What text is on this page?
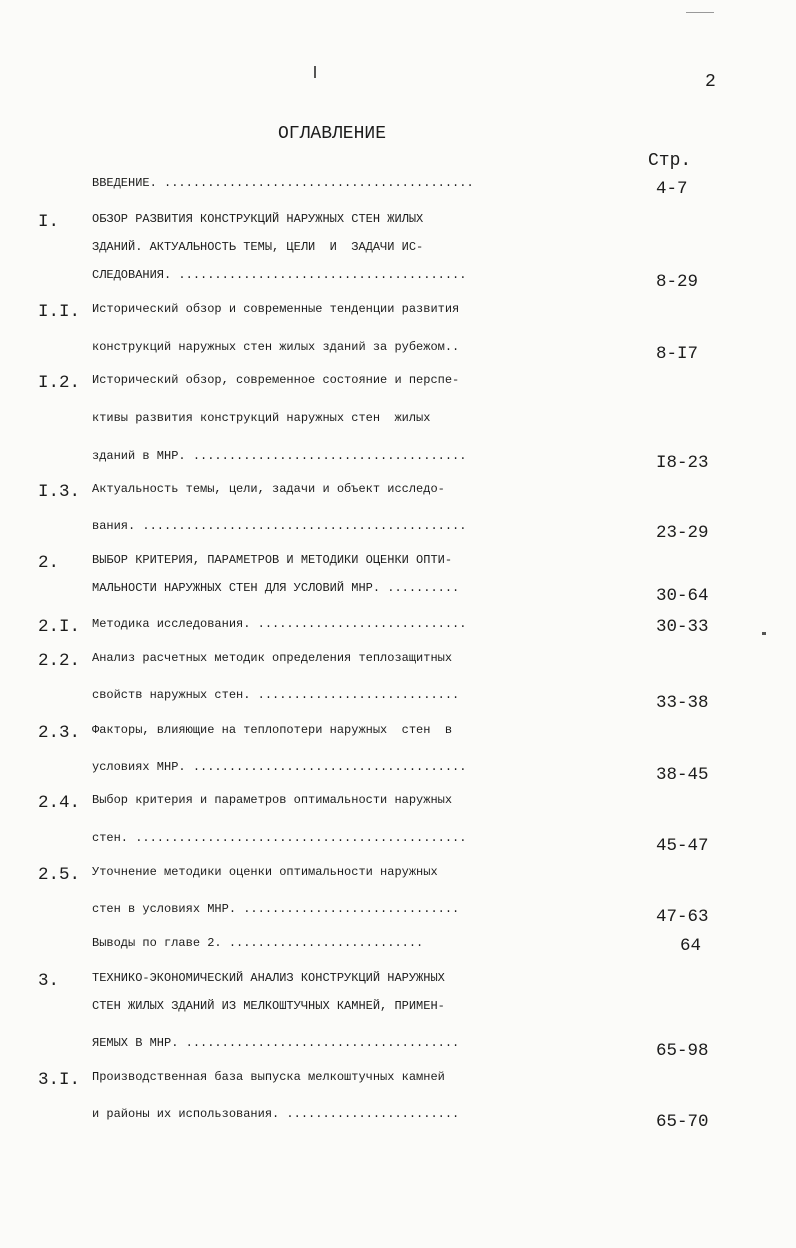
2
ОГЛАВЛЕНИЕ
Стр.
ВВЕДЕНИЕ. ...........................................	4-7
I.	ОБЗОР РАЗВИТИЯ КОНСТРУКЦИЙ НАРУЖНЫХ СТЕН ЖИЛЫХ
ЗДАНИЙ. АКТУАЛЬНОСТЬ ТЕМЫ, ЦЕЛИ  И  ЗАДАЧИ ИС-
СЛЕДОВАНИЯ. ........................................	8-29
I.I. Исторический обзор и современные тенденции развития
конструкций наружных стен жилых зданий за рубежом..	8-I7
I.2. Исторический обзор, современное состояние и перспе-
ктивы развития конструкций наружных стен  жилых
зданий в МНР. ......................................	I8-23
I.3. Актуальность темы, цели, задачи и объект исследо-
вания. .............................................	23-29
2.	ВЫБОР КРИТЕРИЯ, ПАРАМЕТРОВ И МЕТОДИКИ ОЦЕНКИ ОПТИ-
МАЛЬНОСТИ НАРУЖНЫХ СТЕН ДЛЯ УСЛОВИЙ МНР. ..........	30-64
2.I. Методика исследования. .............................	30-33
2.2. Анализ расчетных методик определения теплозащитных
свойств наружных стен. ............................	33-38
2.3. Факторы, влияющие на теплопотери наружных  стен  в
условиях МНР. ......................................	38-45
2.4. Выбор критерия и параметров оптимальности наружных
стен. ..............................................	45-47
2.5. Уточнение методики оценки оптимальности наружных
стен в условиях МНР. ..............................	47-63
Выводы по главе 2. ...........................	64
3.	ТЕХНИКО-ЭКОНОМИЧЕСКИЙ АНАЛИЗ КОНСТРУКЦИЙ НАРУЖНЫХ
СТЕН ЖИЛЫХ ЗДАНИЙ ИЗ МЕЛКОШТУЧНЫХ КАМНЕЙ, ПРИМЕН-
ЯЕМЫХ В МНР. ......................................	65-98
3.I. Производственная база выпуска мелкоштучных камней
и районы их использования. ........................	65-70
